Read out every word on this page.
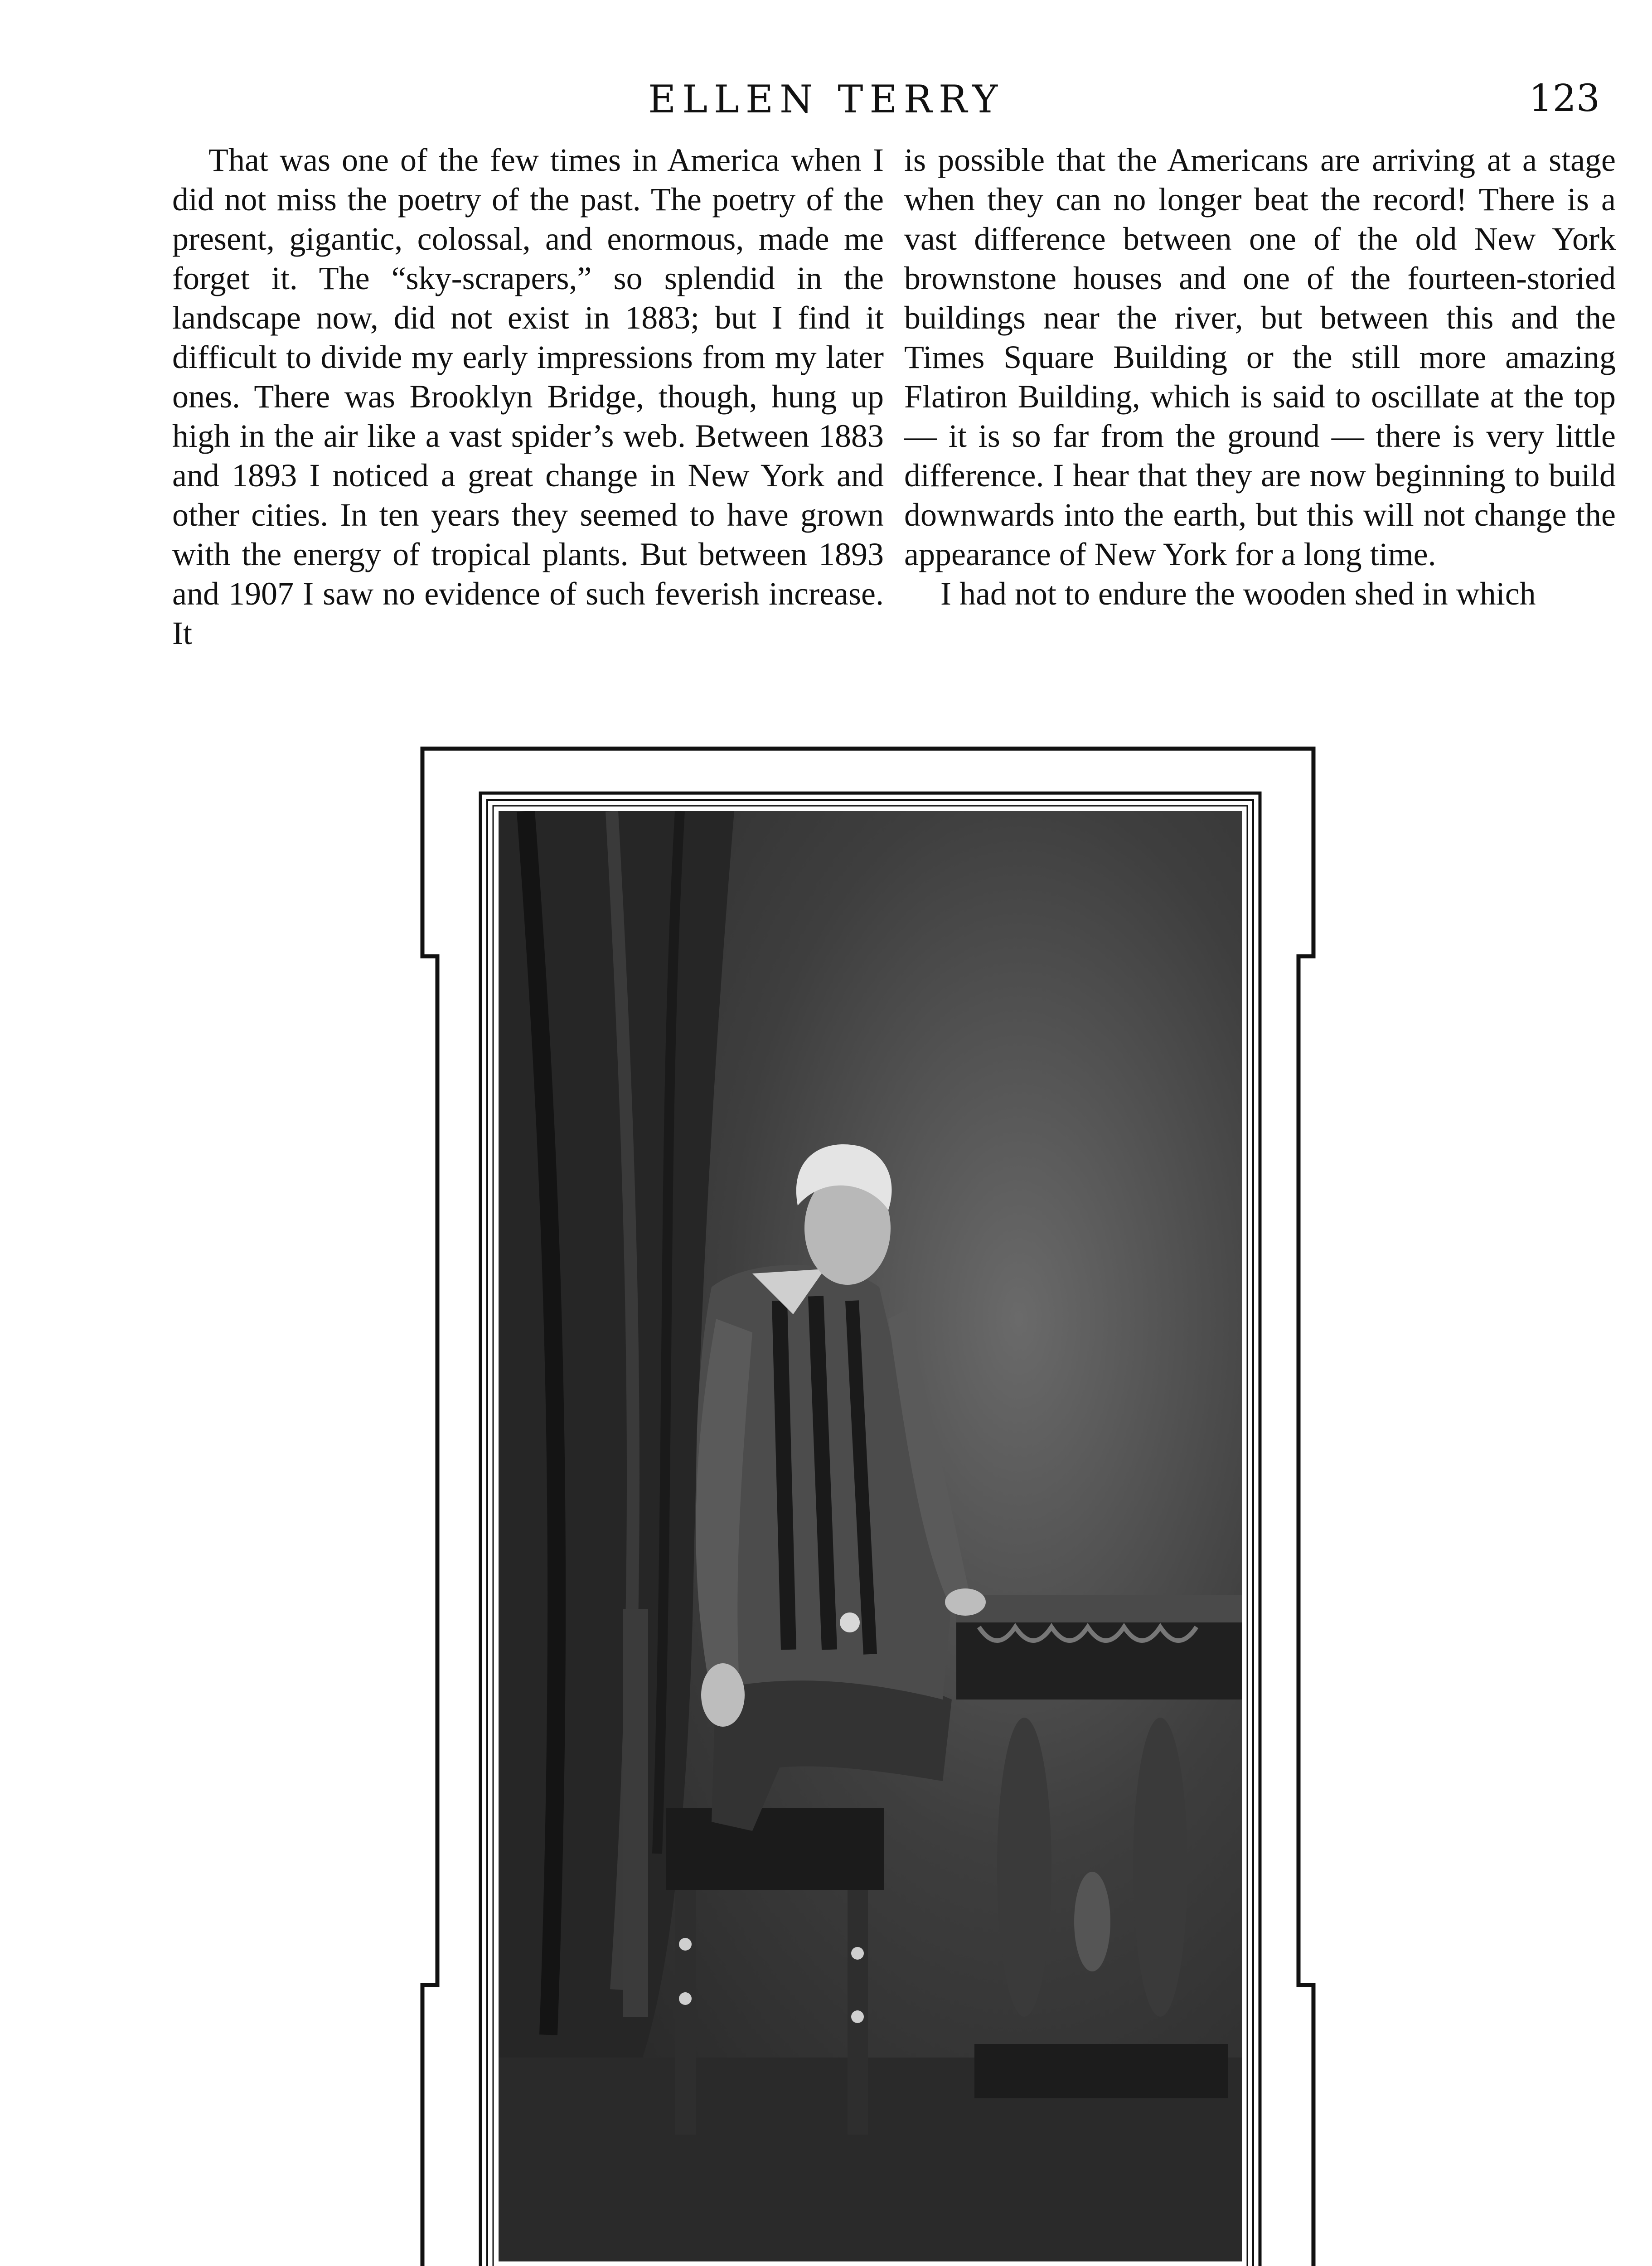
ELLEN TERRY	123

That was one of the few times in America when I did not miss the poetry of the past. The poetry of the present, gigantic, colossal, and enormous, made me forget it. The “sky-scrapers,” so splendid in the landscape now, did not exist in 1883; but I find it difficult to divide my early impressions from my later ones. There was Brooklyn Bridge, though, hung up high in the air like a vast spider’s web. Between 1883 and 1893 I noticed a great change in New York and other cities. In ten years they seemed to have grown with the energy of tropical plants. But between 1893 and 1907 I saw no evidence of such feverish increase. It

is possible that the Americans are arriving at a stage when they can no longer beat the record! There is a vast difference between one of the old New York brownstone houses and one of the fourteen-storied buildings near the river, but between this and the Times Square Building or the still more amazing Flatiron Building, which is said to oscillate at the top — it is so far from the ground — there is very little difference. I hear that they are now beginning to build downwards into the earth, but this will not change the appearance of New York for a long time.

I had not to endure the wooden shed in which
